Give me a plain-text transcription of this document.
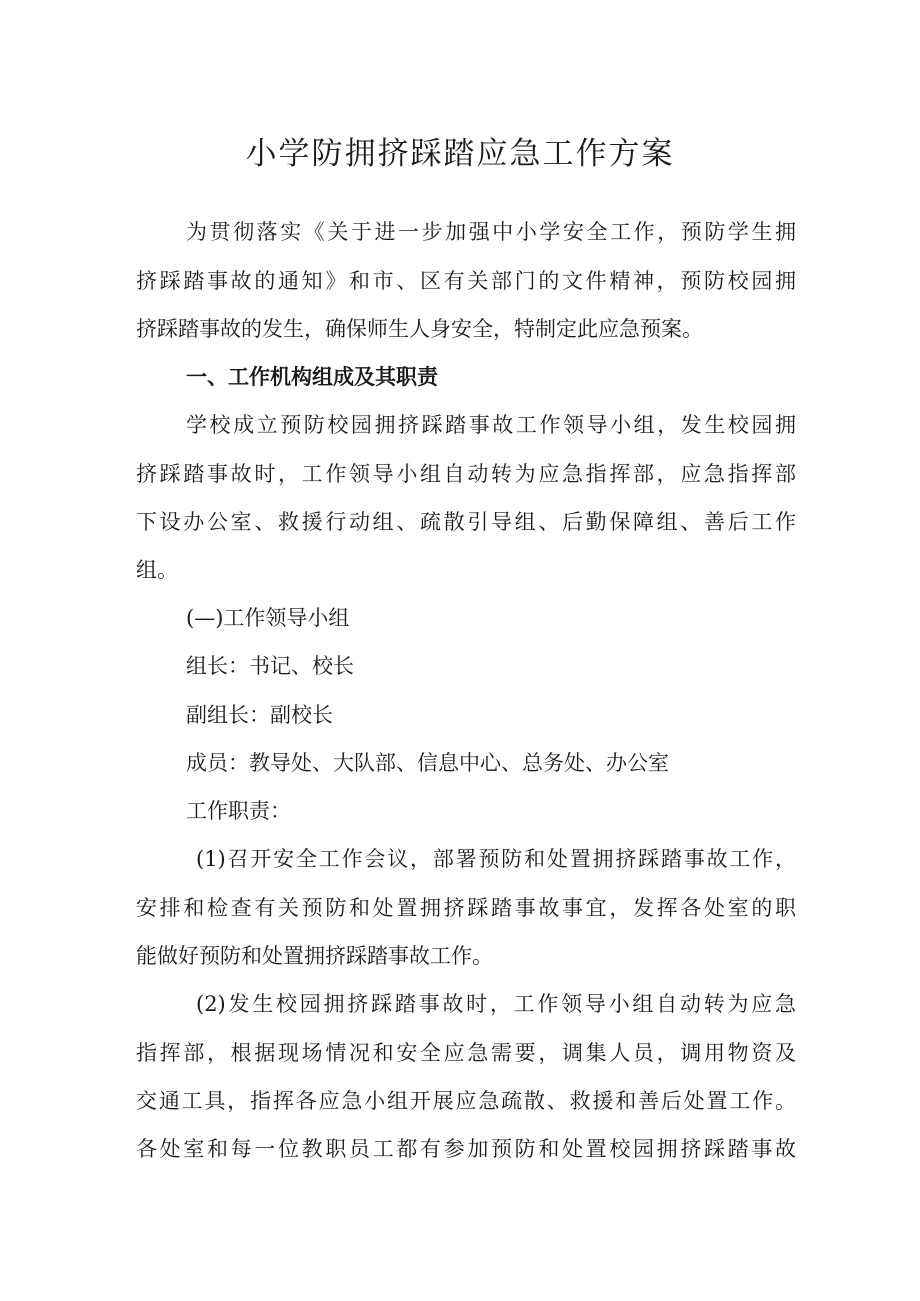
小学防拥挤踩踏应急工作方案

为贯彻落实《关于进一步加强中小学安全工作，预防学生拥

挤踩踏事故的通知》和市、区有关部门的文件精神，预防校园拥

挤踩踏事故的发生，确保师生人身安全，特制定此应急预案。

一、工作机构组成及其职责

学校成立预防校园拥挤踩踏事故工作领导小组，发生校园拥

挤踩踏事故时，工作领导小组自动转为应急指挥部，应急指挥部

下设办公室、救援行动组、疏散引导组、后勤保障组、善后工作

组。

(—)工作领导小组

组长：书记、校长

副组长：副校长

成员：教导处、大队部、信息中心、总务处、办公室

工作职责：

(1)召开安全工作会议，部署预防和处置拥挤踩踏事故工作，

安排和检查有关预防和处置拥挤踩踏事故事宜，发挥各处室的职

能做好预防和处置拥挤踩踏事故工作。

(2)发生校园拥挤踩踏事故时，工作领导小组自动转为应急

指挥部，根据现场情况和安全应急需要，调集人员，调用物资及

交通工具，指挥各应急小组开展应急疏散、救援和善后处置工作。

各处室和每一位教职员工都有参加预防和处置校园拥挤踩踏事故
